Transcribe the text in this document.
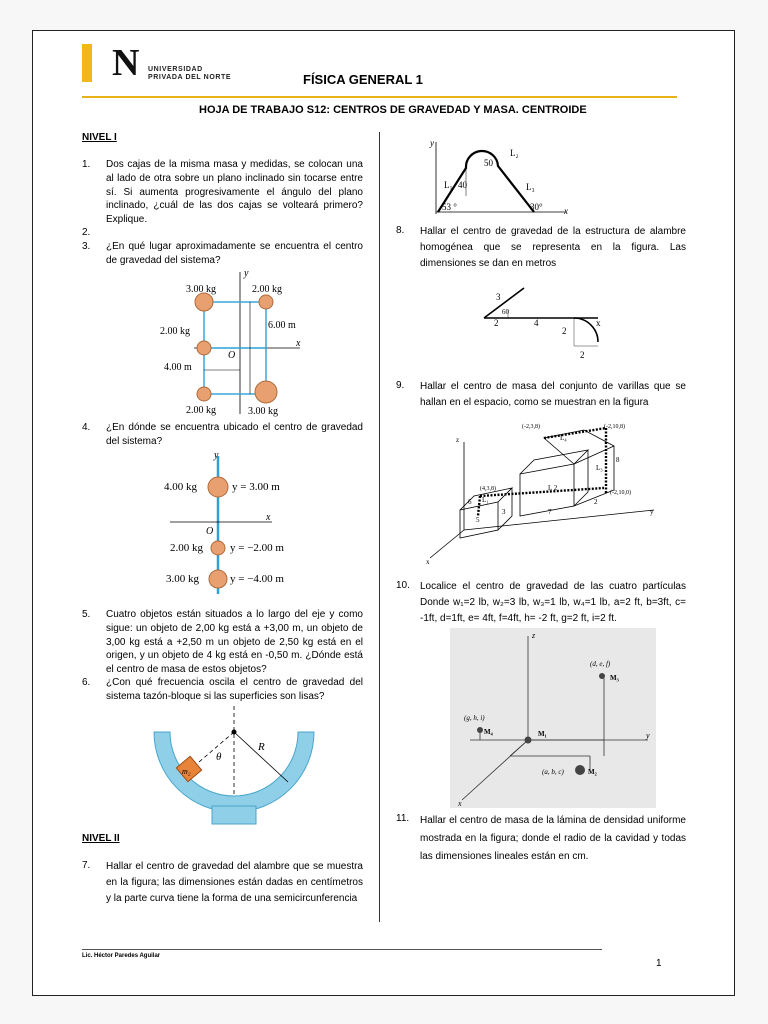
N UNIVERSIDAD
PRIVADA DEL NORTE	FÍSICA GENERAL 1
HOJA DE TRABAJO S12: CENTROS DE GRAVEDAD Y MASA. CENTROIDE
NIVEL I
1. Dos cajas de la misma masa y medidas, se colocan una al lado de otra sobre un plano inclinado sin tocarse entre sí. Si aumenta progresivamente el ángulo del plano inclinado, ¿cuál de las dos cajas se volteará primero? Explique.
2.
3. ¿En qué lugar aproximadamente se encuentra el centro de gravedad del sistema?
y
x
O
3.00 kg	2.00 kg
2.00 kg
6.00 m
4.00 m
2.00 kg	3.00 kg
4. ¿En dónde se encuentra ubicado el centro de gravedad del sistema?
y
x
O
4.00 kg	y = 3.00 m
2.00 kg y = −2.00 m
3.00 kg	y = −4.00 m
5. Cuatro objetos están situados a lo largo del eje y como sigue: un objeto de 2,00 kg está a +3,00 m, un objeto de 3,00 kg está a +2,50 m un objeto de 2,50 kg está en el origen, y un objeto de 4 kg está en -0,50 m. ¿Dónde está el centro de masa de estos objetos?
6. ¿Con qué frecuencia oscila el centro de gravedad del sistema tazón-bloque si las superficies son lisas?
θ
R
m₂
NIVEL II
7. Hallar el centro de gravedad del alambre que se muestra en la figura; las dimensiones están dadas en centímetros y la parte curva tiene la forma de una semicircunferencia
y
x
50
L₂
L₁ 40	L₃
53 °	30°
8. Hallar el centro de gravedad de la estructura de alambre homogénea que se representa en la figura. Las dimensiones se dan en metros
3
60
2	4
2
2
x
9. Hallar el centro de masa del conjunto de varillas que se hallan en el espacio, como se muestran en la figura
(-2,3,8)	(-2,10,8)
(4,3,8)
(-2,10,0)
L₄
L₃
L 2
L₁
6
5
3	7
8
2
z
y
x
10. Localice el centro de gravedad de las cuatro partículas Donde w₁=2 lb, w₂=3 lb, w₃=1 lb, w₄=1 lb, a=2 ft, b=3ft, c= -1ft, d=1ft, e= 4ft, f=4ft, h= -2 ft, g=2 ft, i=2 ft.
z
y
x
(d, e, f)
M₃
(g, h, i)
M₄	M₁
(a, b, c)	M₂
11. Hallar el centro de masa de la lámina de densidad uniforme mostrada en la figura; donde el radio de la cavidad y todas las dimensiones lineales están en cm.
Lic. Héctor Paredes Aguilar
1
